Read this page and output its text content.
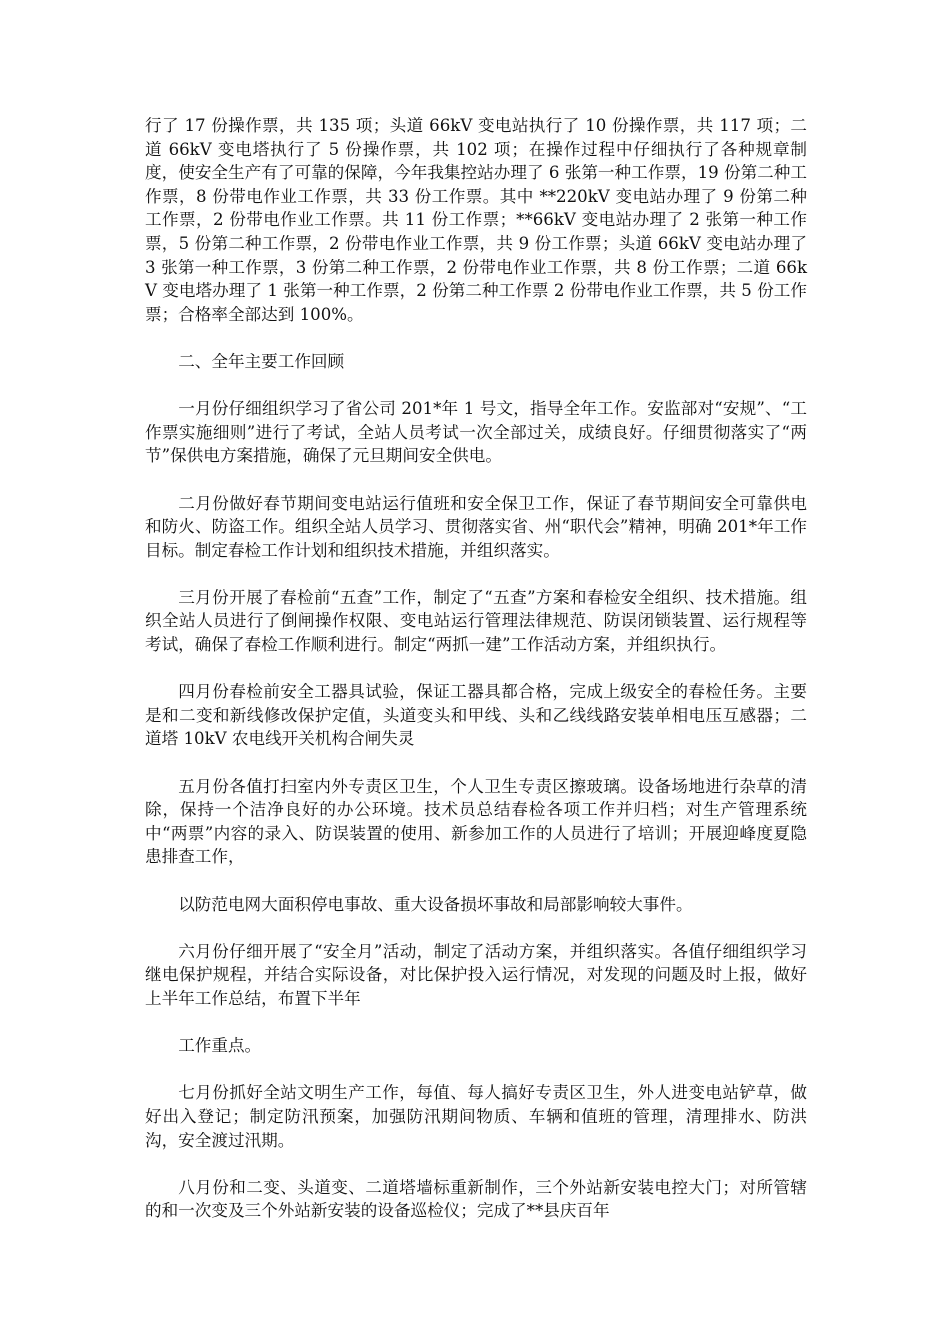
行了 17 份操作票，共 135 项；头道 66kV 变电站执行了 10 份操作票，共 117 项；二道 66kV 变电塔执行了 5 份操作票，共 102 项；在操作过程中仔细执行了各种规章制度，使安全生产有了可靠的保障，今年我集控站办理了 6 张第一种工作票，19 份第二种工作票，8 份带电作业工作票，共 33 份工作票。其中 **220kV 变电站办理了 9 份第二种工作票，2 份带电作业工作票。共 11 份工作票；**66kV 变电站办理了 2 张第一种工作票，5 份第二种工作票，2 份带电作业工作票，共 9 份工作票；头道 66kV 变电站办理了 3 张第一种工作票，3 份第二种工作票，2 份带电作业工作票，共 8 份工作票；二道 66kV 变电塔办理了 1 张第一种工作票，2 份第二种工作票 2 份带电作业工作票，共 5 份工作票；合格率全部达到 100%。

二、全年主要工作回顾

一月份仔细组织学习了省公司 201*年 1 号文，指导全年工作。安监部对“安规”、“工作票实施细则”进行了考试，全站人员考试一次全部过关，成绩良好。仔细贯彻落实了“两节”保供电方案措施，确保了元旦期间安全供电。

二月份做好春节期间变电站运行值班和安全保卫工作，保证了春节期间安全可靠供电和防火、防盗工作。组织全站人员学习、贯彻落实省、州“职代会”精神，明确 201*年工作目标。制定春检工作计划和组织技术措施，并组织落实。

三月份开展了春检前“五查”工作，制定了“五查”方案和春检安全组织、技术措施。组织全站人员进行了倒闸操作权限、变电站运行管理法律规范、防误闭锁装置、运行规程等考试，确保了春检工作顺利进行。制定“两抓一建”工作活动方案，并组织执行。

四月份春检前安全工器具试验，保证工器具都合格，完成上级安全的春检任务。主要是和二变和新线修改保护定值，头道变头和甲线、头和乙线线路安装单相电压互感器；二道塔 10kV 农电线开关机构合闸失灵

五月份各值打扫室内外专责区卫生，个人卫生专责区擦玻璃。设备场地进行杂草的清除，保持一个洁净良好的办公环境。技术员总结春检各项工作并归档；对生产管理系统中“两票”内容的录入、防误装置的使用、新参加工作的人员进行了培训；开展迎峰度夏隐患排查工作，

以防范电网大面积停电事故、重大设备损坏事故和局部影响较大事件。

六月份仔细开展了“安全月”活动，制定了活动方案，并组织落实。各值仔细组织学习继电保护规程，并结合实际设备，对比保护投入运行情况，对发现的问题及时上报，做好上半年工作总结，布置下半年

工作重点。

七月份抓好全站文明生产工作，每值、每人搞好专责区卫生，外人进变电站铲草，做好出入登记；制定防汛预案，加强防汛期间物质、车辆和值班的管理，清理排水、防洪沟，安全渡过汛期。

八月份和二变、头道变、二道塔墙标重新制作，三个外站新安装电控大门；对所管辖的和一次变及三个外站新安装的设备巡检仪；完成了**县庆百年
